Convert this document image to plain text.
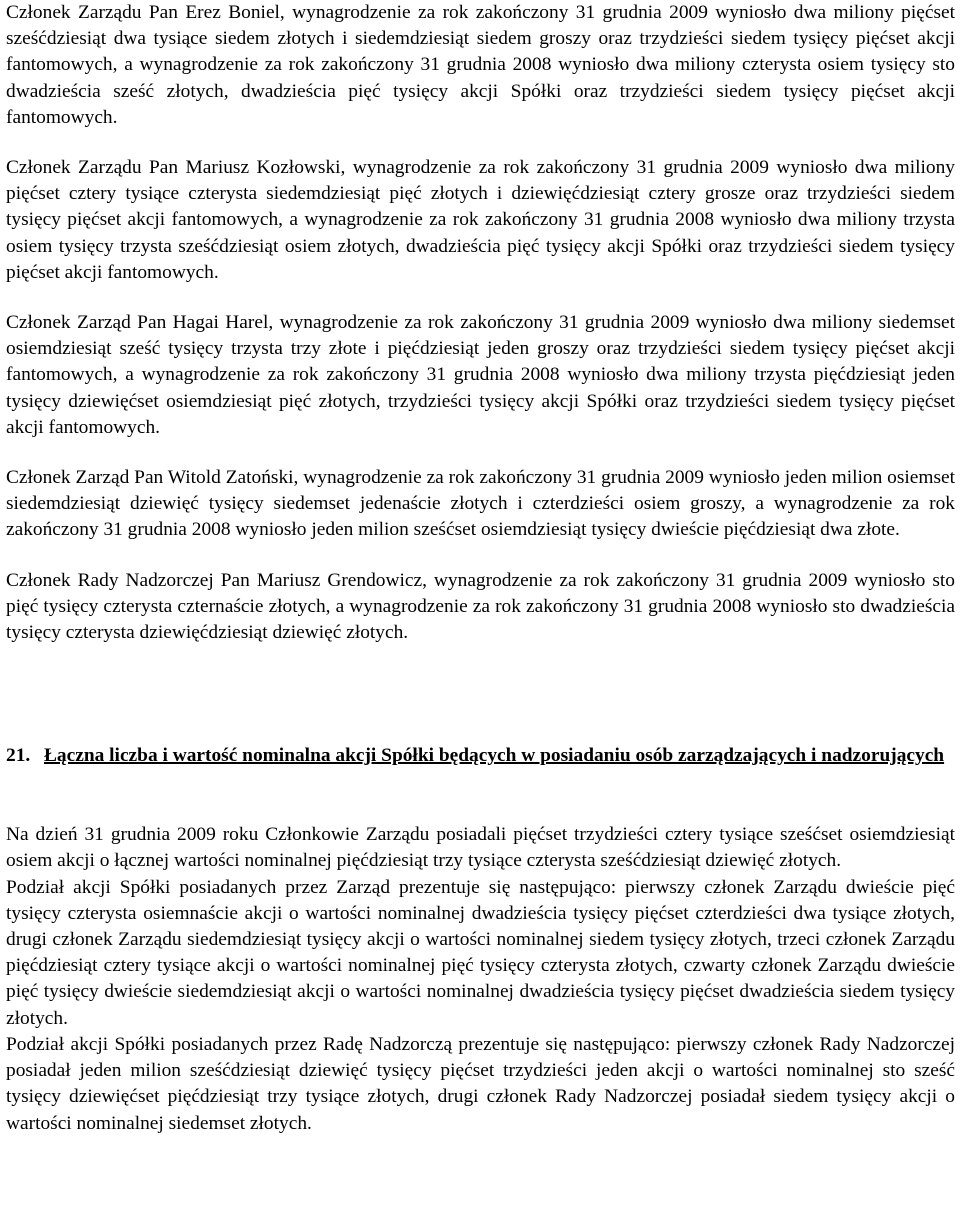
Członek Zarządu Pan Erez Boniel, wynagrodzenie za rok zakończony 31 grudnia 2009 wyniosło dwa miliony pięćset sześćdziesiąt dwa tysiące siedem złotych i siedemdziesiąt siedem groszy oraz trzydzieści siedem tysięcy pięćset akcji fantomowych, a wynagrodzenie za rok zakończony 31 grudnia 2008 wyniosło dwa miliony czterysta osiem tysięcy sto dwadzieścia sześć złotych, dwadzieścia pięć tysięcy akcji Spółki oraz trzydzieści siedem tysięcy pięćset akcji fantomowych.

Członek Zarządu Pan Mariusz Kozłowski, wynagrodzenie za rok zakończony 31 grudnia 2009 wyniosło dwa miliony pięćset cztery tysiące czterysta siedemdziesiąt pięć złotych i dziewięćdziesiąt cztery grosze oraz trzydzieści siedem tysięcy pięćset akcji fantomowych, a wynagrodzenie za rok zakończony 31 grudnia 2008 wyniosło dwa miliony trzysta osiem tysięcy trzysta sześćdziesiąt osiem złotych, dwadzieścia pięć tysięcy akcji Spółki oraz trzydzieści siedem tysięcy pięćset akcji fantomowych.

Członek Zarząd Pan Hagai Harel, wynagrodzenie za rok zakończony 31 grudnia 2009 wyniosło dwa miliony siedemset osiemdziesiąt sześć tysięcy trzysta trzy złote i pięćdziesiąt jeden groszy oraz trzydzieści siedem tysięcy pięćset akcji fantomowych, a wynagrodzenie za rok zakończony 31 grudnia 2008 wyniosło dwa miliony trzysta pięćdziesiąt jeden tysięcy dziewięćset osiemdziesiąt pięć złotych, trzydzieści tysięcy akcji Spółki oraz trzydzieści siedem tysięcy pięćset akcji fantomowych.

Członek Zarząd Pan Witold Zatoński, wynagrodzenie za rok zakończony 31 grudnia 2009 wyniosło jeden milion osiemset siedemdziesiąt dziewięć tysięcy siedemset jedenaście złotych i czterdzieści osiem groszy, a wynagrodzenie za rok zakończony 31 grudnia 2008 wyniosło jeden milion sześćset osiemdziesiąt tysięcy dwieście pięćdziesiąt dwa złote.

Członek Rady Nadzorczej Pan Mariusz Grendowicz, wynagrodzenie za rok zakończony 31 grudnia 2009 wyniosło sto pięć tysięcy czterysta czternaście złotych, a wynagrodzenie za rok zakończony 31 grudnia 2008 wyniosło sto dwadzieścia tysięcy czterysta dziewięćdziesiąt dziewięć złotych.

21. Łączna liczba i wartość nominalna akcji Spółki będących w posiadaniu osób zarządzających i nadzorujących

Na dzień 31 grudnia 2009 roku Członkowie Zarządu posiadali pięćset trzydzieści cztery tysiące sześćset osiemdziesiąt osiem akcji o łącznej wartości nominalnej pięćdziesiąt trzy tysiące czterysta sześćdziesiąt dziewięć złotych.

Podział akcji Spółki posiadanych przez Zarząd prezentuje się następująco: pierwszy członek Zarządu dwieście pięć tysięcy czterysta osiemnaście akcji o wartości nominalnej dwadzieścia tysięcy pięćset czterdzieści dwa tysiące złotych, drugi członek Zarządu siedemdziesiąt tysięcy akcji o wartości nominalnej siedem tysięcy złotych, trzeci członek Zarządu pięćdziesiąt cztery tysiące akcji o wartości nominalnej pięć tysięcy czterysta złotych, czwarty członek Zarządu dwieście pięć tysięcy dwieście siedemdziesiąt akcji o wartości nominalnej dwadzieścia tysięcy pięćset dwadzieścia siedem tysięcy złotych.

Podział akcji Spółki posiadanych przez Radę Nadzorczą prezentuje się następująco: pierwszy członek Rady Nadzorczej posiadał jeden milion sześćdziesiąt dziewięć tysięcy pięćset trzydzieści jeden akcji o wartości nominalnej sto sześć tysięcy dziewięćset pięćdziesiąt trzy tysiące złotych, drugi członek Rady Nadzorczej posiadał siedem tysięcy akcji o wartości nominalnej siedemset złotych.
